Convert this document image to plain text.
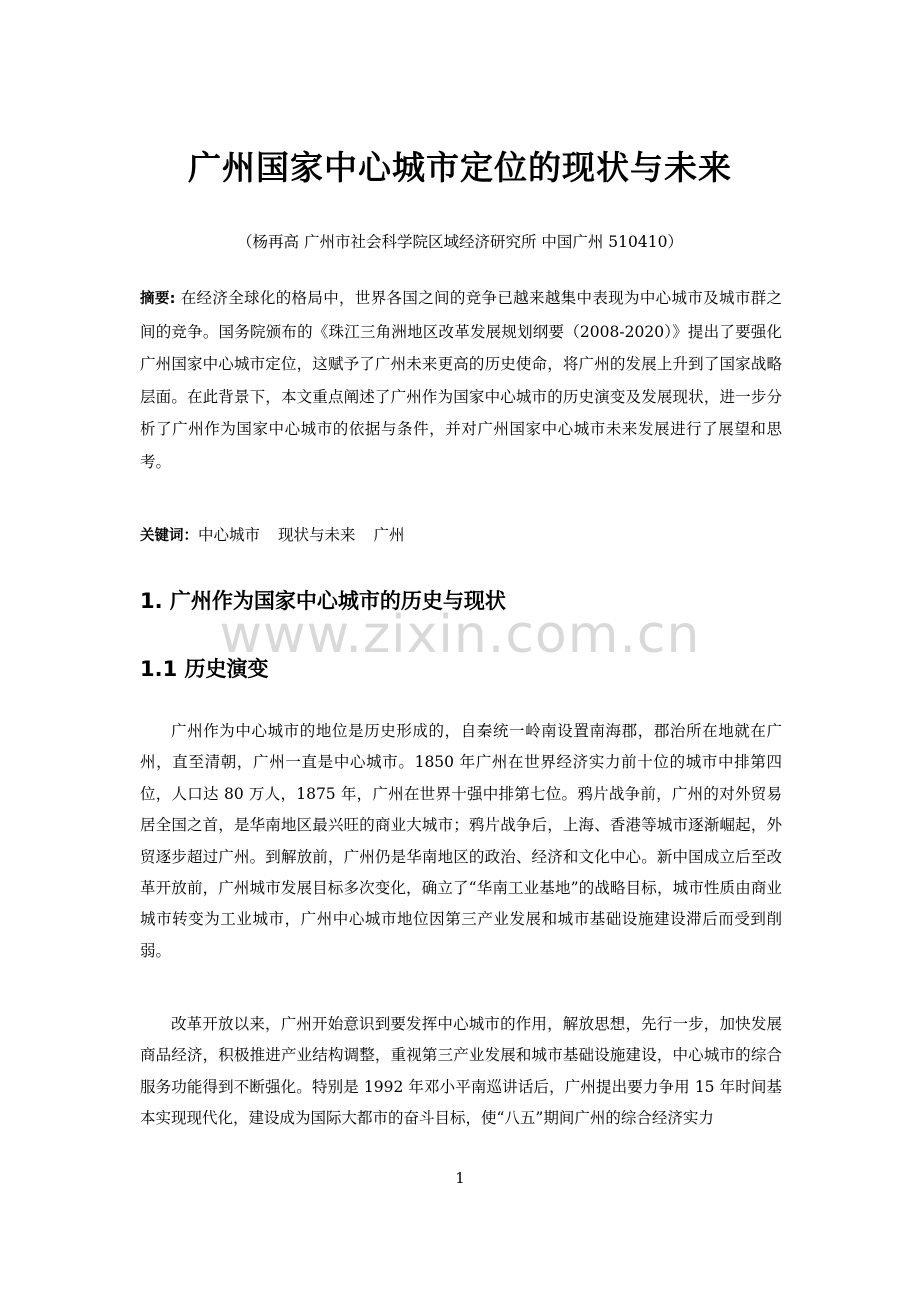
www.zixin.com.cn
广州国家中心城市定位的现状与未来
（杨再高 广州市社会科学院区域经济研究所 中国广州 510410）

摘要: 在经济全球化的格局中，世界各国之间的竞争已越来越集中表现为中心城市及城市群之间的竞争。国务院颁布的《珠江三角洲地区改革发展规划纲要（2008-2020）》提出了要强化广州国家中心城市定位，这赋予了广州未来更高的历史使命，将广州的发展上升到了国家战略层面。在此背景下，本文重点阐述了广州作为国家中心城市的历史演变及发展现状，进一步分析了广州作为国家中心城市的依据与条件，并对广州国家中心城市未来发展进行了展望和思考。

关键词：中心城市 现状与未来 广州

1. 广州作为国家中心城市的历史与现状
1.1 历史演变

广州作为中心城市的地位是历史形成的，自秦统一岭南设置南海郡，郡治所在地就在广州，直至清朝，广州一直是中心城市。1850 年广州在世界经济实力前十位的城市中排第四位，人口达 80 万人，1875 年，广州在世界十强中排第七位。鸦片战争前，广州的对外贸易居全国之首，是华南地区最兴旺的商业大城市；鸦片战争后，上海、香港等城市逐渐崛起，外贸逐步超过广州。到解放前，广州仍是华南地区的政治、经济和文化中心。新中国成立后至改革开放前，广州城市发展目标多次变化，确立了“华南工业基地”的战略目标，城市性质由商业城市转变为工业城市，广州中心城市地位因第三产业发展和城市基础设施建设滞后而受到削弱。

改革开放以来，广州开始意识到要发挥中心城市的作用，解放思想，先行一步，加快发展商品经济，积极推进产业结构调整，重视第三产业发展和城市基础设施建设，中心城市的综合服务功能得到不断强化。特别是 1992 年邓小平南巡讲话后，广州提出要力争用 15 年时间基本实现现代化，建设成为国际大都市的奋斗目标，使“八五”期间广州的综合经济实力

1
